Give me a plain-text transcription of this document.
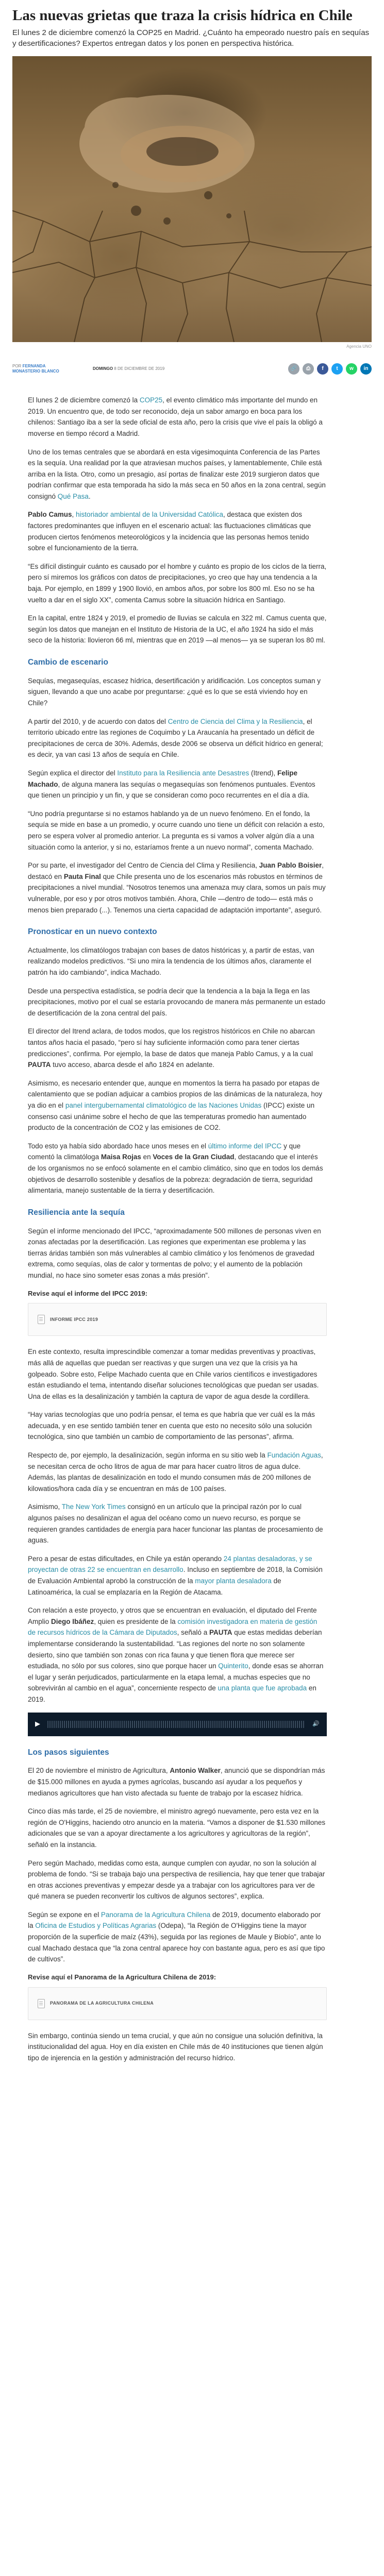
Las nuevas grietas que traza la crisis hídrica en Chile
El lunes 2 de diciembre comenzó la COP25 en Madrid. ¿Cuánto ha empeorado nuestro país en sequías y desertificaciones? Expertos entregan datos y los ponen en perspectiva histórica.
Agencia UNO
POR FERNANDA MONASTERIO BLANCO
DOMINGO 8 DE DICIEMBRE DE 2019	🔗	⎙	f	t	w	in

El lunes 2 de diciembre comenzó la COP25, el evento climático más importante del mundo en 2019. Un encuentro que, de todo ser reconocido, deja un sabor amargo en boca para los chilenos: Santiago iba a ser la sede oficial de esta año, pero la crisis que vive el país la obligó a moverse en tiempo récord a Madrid.

Uno de los temas centrales que se abordará en esta vigesimoquinta Conferencia de las Partes es la sequía. Una realidad por la que atraviesan muchos países, y lamentablemente, Chile está arriba en la lista. Otro, como un presagio, así portas de finalizar este 2019 surgieron datos que podrían confirmar que esta temporada ha sido la más seca en 50 años en la zona central, según consignó Qué Pasa.

Pablo Camus, historiador ambiental de la Universidad Católica, destaca que existen dos factores predominantes que influyen en el escenario actual: las fluctuaciones climáticas que producen ciertos fenómenos meteorológicos y la incidencia que las personas hemos tenido sobre el funcionamiento de la tierra.

“Es difícil distinguir cuánto es causado por el hombre y cuánto es propio de los ciclos de la tierra, pero sí miremos los gráficos con datos de precipitaciones, yo creo que hay una tendencia a la baja. Por ejemplo, en 1899 y 1900 llovió, en ambos años, por sobre los 800 ml. Eso no se ha vuelto a dar en el siglo XX”, comenta Camus sobre la situación hídrica en Santiago.

En la capital, entre 1824 y 2019, el promedio de lluvias se calcula en 322 ml. Camus cuenta que, según los datos que manejan en el Instituto de Historia de la UC, el año 1924 ha sido el más seco de la historia: llovieron 66 ml, mientras que en 2019 —al menos— ya se superan los 80 ml.

Cambio de escenario

Sequías, megasequías, escasez hídrica, desertificación y aridificación. Los conceptos suman y siguen, llevando a que uno acabe por preguntarse: ¿qué es lo que se está viviendo hoy en Chile?

A partir del 2010, y de acuerdo con datos del Centro de Ciencia del Clima y la Resiliencia, el territorio ubicado entre las regiones de Coquimbo y La Araucanía ha presentado un déficit de precipitaciones de cerca de 30%. Además, desde 2006 se observa un déficit hídrico en general; es decir, ya van casi 13 años de sequía en Chile.

Según explica el director del Instituto para la Resiliencia ante Desastres (Itrend), Felipe Machado, de alguna manera las sequías o megasequías son fenómenos puntuales. Eventos que tienen un principio y un fin, y que se consideran como poco recurrentes en el día a día.

“Uno podría preguntarse si no estamos hablando ya de un nuevo fenómeno. En el fondo, la sequía se mide en base a un promedio, y ocurre cuando uno tiene un déficit con relación a esto, pero se espera volver al promedio anterior. La pregunta es si vamos a volver algún día a una situación como la anterior, y si no, estaríamos frente a un nuevo normal”, comenta Machado.

Por su parte, el investigador del Centro de Ciencia del Clima y Resiliencia, Juan Pablo Boisier, destacó en Pauta Final que Chile presenta uno de los escenarios más robustos en términos de precipitaciones a nivel mundial. “Nosotros tenemos una amenaza muy clara, somos un país muy vulnerable, por eso y por otros motivos también. Ahora, Chile —dentro de todo— está más o menos bien preparado (...). Tenemos una cierta capacidad de adaptación importante”, aseguró.

Pronosticar en un nuevo contexto

Actualmente, los climatólogos trabajan con bases de datos históricas y, a partir de estas, van realizando modelos predictivos. “Si uno mira la tendencia de los últimos años, claramente el patrón ha ido cambiando”, indica Machado.

Desde una perspectiva estadística, se podría decir que la tendencia a la baja la llega en las precipitaciones, motivo por el cual se estaría provocando de manera más permanente un estado de desertificación de la zona central del país.

El director del Itrend aclara, de todos modos, que los registros históricos en Chile no abarcan tantos años hacia el pasado, “pero sí hay suficiente información como para tener ciertas predicciones”, confirma. Por ejemplo, la base de datos que maneja Pablo Camus, y a la cual PAUTA tuvo acceso, abarca desde el año 1824 en adelante.

Asimismo, es necesario entender que, aunque en momentos la tierra ha pasado por etapas de calentamiento que se podían adjuicar a cambios propios de las dinámicas de la naturaleza, hoy ya dio en el panel intergubernamental climatológico de las Naciones Unidas (IPCC) existe un consenso casi unánime sobre el hecho de que las temperaturas promedio han aumentado producto de la concentración de CO2 y las emisiones de CO2.

Todo esto ya había sido abordado hace unos meses en el último informe del IPCC y que comentó la climatóloga Maisa Rojas en Voces de la Gran Ciudad, destacando que el interés de los organismos no se enfocó solamente en el cambio climático, sino que en todos los demás objetivos de desarrollo sostenible y desafíos de la pobreza: degradación de tierra, seguridad alimentaria, manejo sustentable de la tierra y desertificación.

Resiliencia ante la sequía

Según el informe mencionado del IPCC, “aproximadamente 500 millones de personas viven en zonas afectadas por la desertificación. Las regiones que experimentan ese problema y las tierras áridas también son más vulnerables al cambio climático y los fenómenos de gravedad extrema, como sequías, olas de calor y tormentas de polvo; y el aumento de la población mundial, no hace sino someter esas zonas a más presión”.

Revise aquí el informe del IPCC 2019:
INFORME IPCC 2019

En este contexto, resulta imprescindible comenzar a tomar medidas preventivas y proactivas, más allá de aquellas que puedan ser reactivas y que surgen una vez que la crisis ya ha golpeado. Sobre esto, Felipe Machado cuenta que en Chile varios científicos e investigadores están estudiando el tema, intentando diseñar soluciones tecnológicas que puedan ser usadas. Una de ellas es la desalinización y también la captura de vapor de agua desde la cordillera.

“Hay varias tecnologías que uno podría pensar, el tema es que habría que ver cuál es la más adecuada, y en ese sentido también tener en cuenta que esto no necesito sólo una solución tecnológica, sino que también un cambio de comportamiento de las personas”, afirma.

Respecto de, por ejemplo, la desalinización, según informa en su sitio web la Fundación Aguas, se necesitan cerca de ocho litros de agua de mar para hacer cuatro litros de agua dulce. Además, las plantas de desalinización en todo el mundo consumen más de 200 millones de kilowatios/hora cada día y se encuentran en más de 100 países.

Asimismo, The New York Times consignó en un artículo que la principal razón por lo cual algunos países no desalinizan el agua del océano como un nuevo recurso, es porque se requieren grandes cantidades de energía para hacer funcionar las plantas de procesamiento de aguas.

Pero a pesar de estas dificultades, en Chile ya están operando 24 plantas desaladoras, y se proyectan de otras 22 se encuentran en desarrollo. Incluso en septiembre de 2018, la Comisión de Evaluación Ambiental aprobó la construcción de la mayor planta desaladora de Latinoamérica, la cual se emplazaría en la Región de Atacama.

Con relación a este proyecto, y otros que se encuentran en evaluación, el diputado del Frente Amplio Diego Ibáñez, quien es presidente de la comisión investigadora en materia de gestión de recursos hídricos de la Cámara de Diputados, señaló a PAUTA que estas medidas deberían implementarse considerando la sustentabilidad. “Las regiones del norte no son solamente desierto, sino que también son zonas con rica fauna y que tienen flora que merece ser estudiada, no sólo por sus colores, sino que porque hacer un Quinterito, donde esas se ahorran el lugar y serán perjudicados, particularmente en la etapa lemal, a muchas especies que no sobrevivirán al cambio en el agua”, concerniente respecto de una planta que fue aprobada en 2019.

▶	🔊
Los pasos siguientes

El 20 de noviembre el ministro de Agricultura, Antonio Walker, anunció que se dispondrían más de $15.000 millones en ayuda a pymes agrícolas, buscando así ayudar a los pequeños y medianos agricultores que han visto afectada su fuente de trabajo por la escasez hídrica.

Cinco días más tarde, el 25 de noviembre, el ministro agregó nuevamente, pero esta vez en la región de O'Higgins, haciendo otro anuncio en la materia. “Vamos a disponer de $1.530 millones adicionales que se van a apoyar directamente a los agricultores y agricultoras de la región”, señaló en la instancia.

Pero según Machado, medidas como esta, aunque cumplen con ayudar, no son la solución al problema de fondo. “Si se trabaja bajo una perspectiva de resiliencia, hay que tener que trabajar en otras acciones preventivas y empezar desde ya a trabajar con los agricultores para ver de qué manera se pueden reconvertir los cultivos de algunos sectores”, explica.

Según se expone en el Panorama de la Agricultura Chilena de 2019, documento elaborado por la Oficina de Estudios y Políticas Agrarias (Odepa), “la Región de O'Higgins tiene la mayor proporción de la superficie de maíz (43%), seguida por las regiones de Maule y Biobío”, ante lo cual Machado destaca que “la zona central aparece hoy con bastante agua, pero es así que tipo de cultivos”.

Revise aquí el Panorama de la Agricultura Chilena de 2019:
PANORAMA DE LA AGRICULTURA CHILENA

Sin embargo, continúa siendo un tema crucial, y que aún no consigue una solución definitiva, la institucionalidad del agua. Hoy en día existen en Chile más de 40 instituciones que tienen algún tipo de injerencia en la gestión y administración del recurso hídrico.
